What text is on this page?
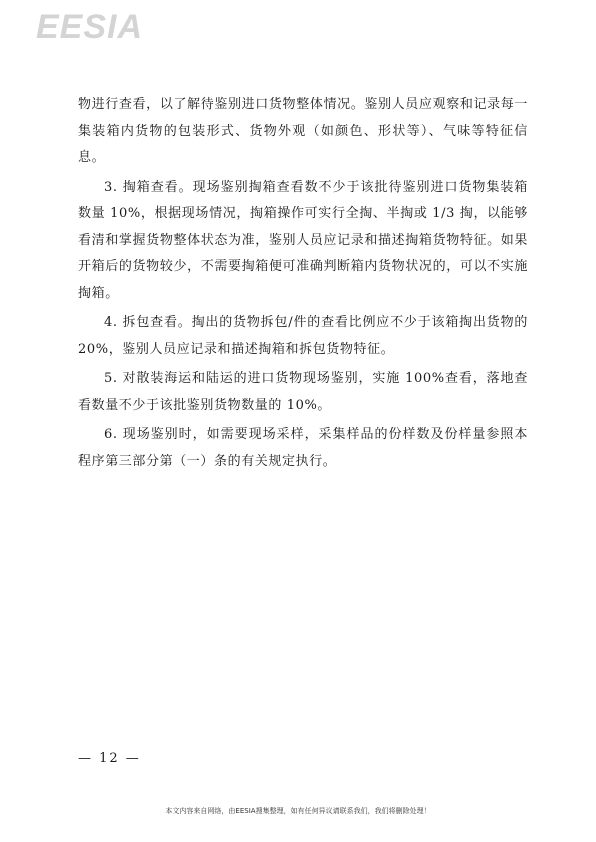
EESIA

物进行查看，以了解待鉴别进口货物整体情况。鉴别人员应观察和记录每一集装箱内货物的包装形式、货物外观（如颜色、形状等）、气味等特征信息。

3. 掏箱查看。现场鉴别掏箱查看数不少于该批待鉴别进口货物集装箱数量 10%，根据现场情况，掏箱操作可实行全掏、半掏或 1/3 掏，以能够看清和掌握货物整体状态为准，鉴别人员应记录和描述掏箱货物特征。如果开箱后的货物较少，不需要掏箱便可准确判断箱内货物状况的，可以不实施掏箱。

4. 拆包查看。掏出的货物拆包/件的查看比例应不少于该箱掏出货物的 20%，鉴别人员应记录和描述掏箱和拆包货物特征。

5. 对散装海运和陆运的进口货物现场鉴别，实施 100%查看，落地查看数量不少于该批鉴别货物数量的 10%。

6. 现场鉴别时，如需要现场采样，采集样品的份样数及份样量参照本程序第三部分第（一）条的有关规定执行。

— 12 —
本文内容来自网络，由EESIA搜集整理，如有任何异议请联系我们，我们将删除处理！
